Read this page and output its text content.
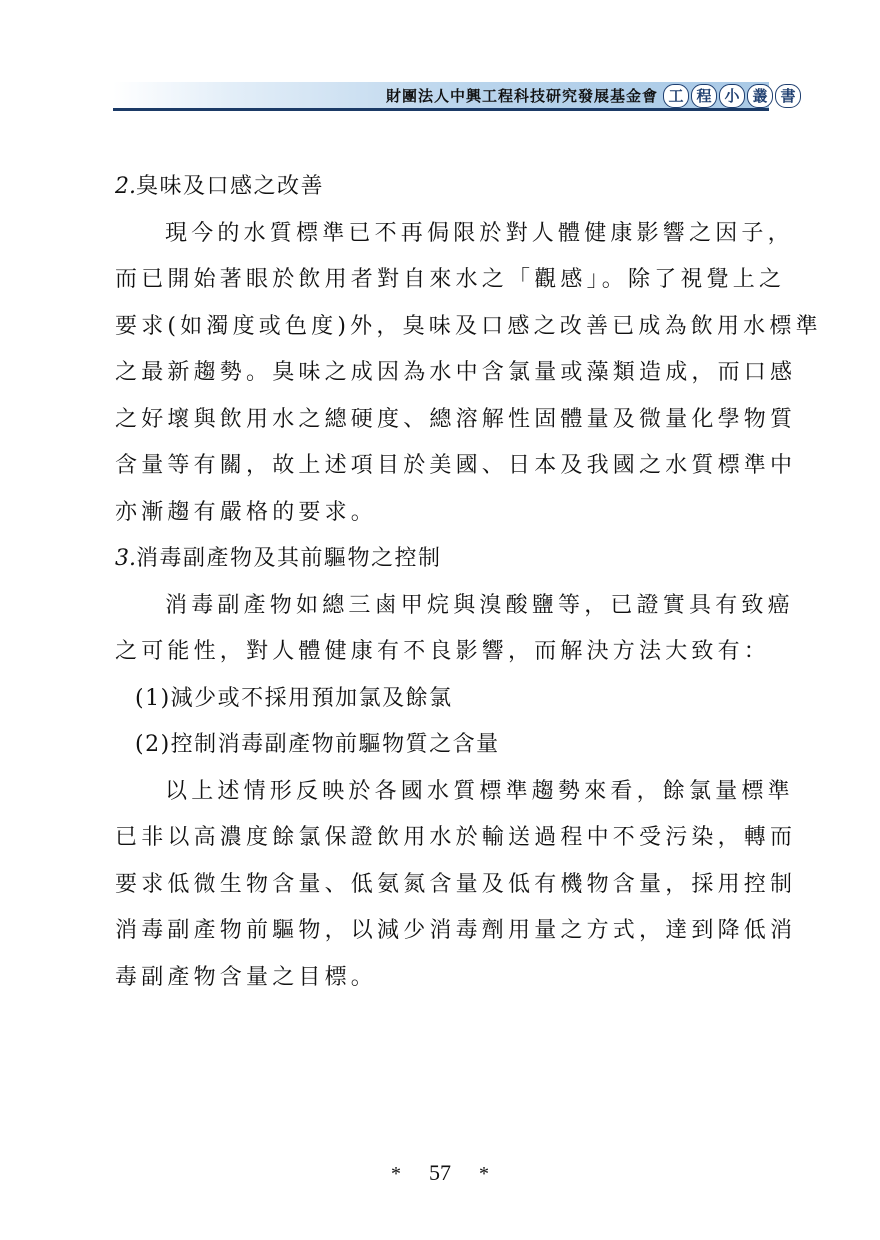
財團法人中興工程科技研究發展基金會 工 程 小 叢 書
2.臭味及口感之改善
現今的水質標準已不再侷限於對人體健康影響之因子，
而已開始著眼於飲用者對自來水之「觀感」。除了視覺上之
要求(如濁度或色度)外，臭味及口感之改善已成為飲用水標準
之最新趨勢。臭味之成因為水中含氯量或藻類造成，而口感
之好壞與飲用水之總硬度、總溶解性固體量及微量化學物質
含量等有關，故上述項目於美國、日本及我國之水質標準中
亦漸趨有嚴格的要求。
3.消毒副產物及其前驅物之控制
消毒副產物如總三鹵甲烷與溴酸鹽等，已證實具有致癌
之可能性，對人體健康有不良影響，而解決方法大致有：
(1)減少或不採用預加氯及餘氯
(2)控制消毒副產物前驅物質之含量
以上述情形反映於各國水質標準趨勢來看，餘氯量標準
已非以高濃度餘氯保證飲用水於輸送過程中不受污染，轉而
要求低微生物含量、低氨氮含量及低有機物含量，採用控制
消毒副產物前驅物，以減少消毒劑用量之方式，達到降低消
毒副產物含量之目標。
* 57 *
